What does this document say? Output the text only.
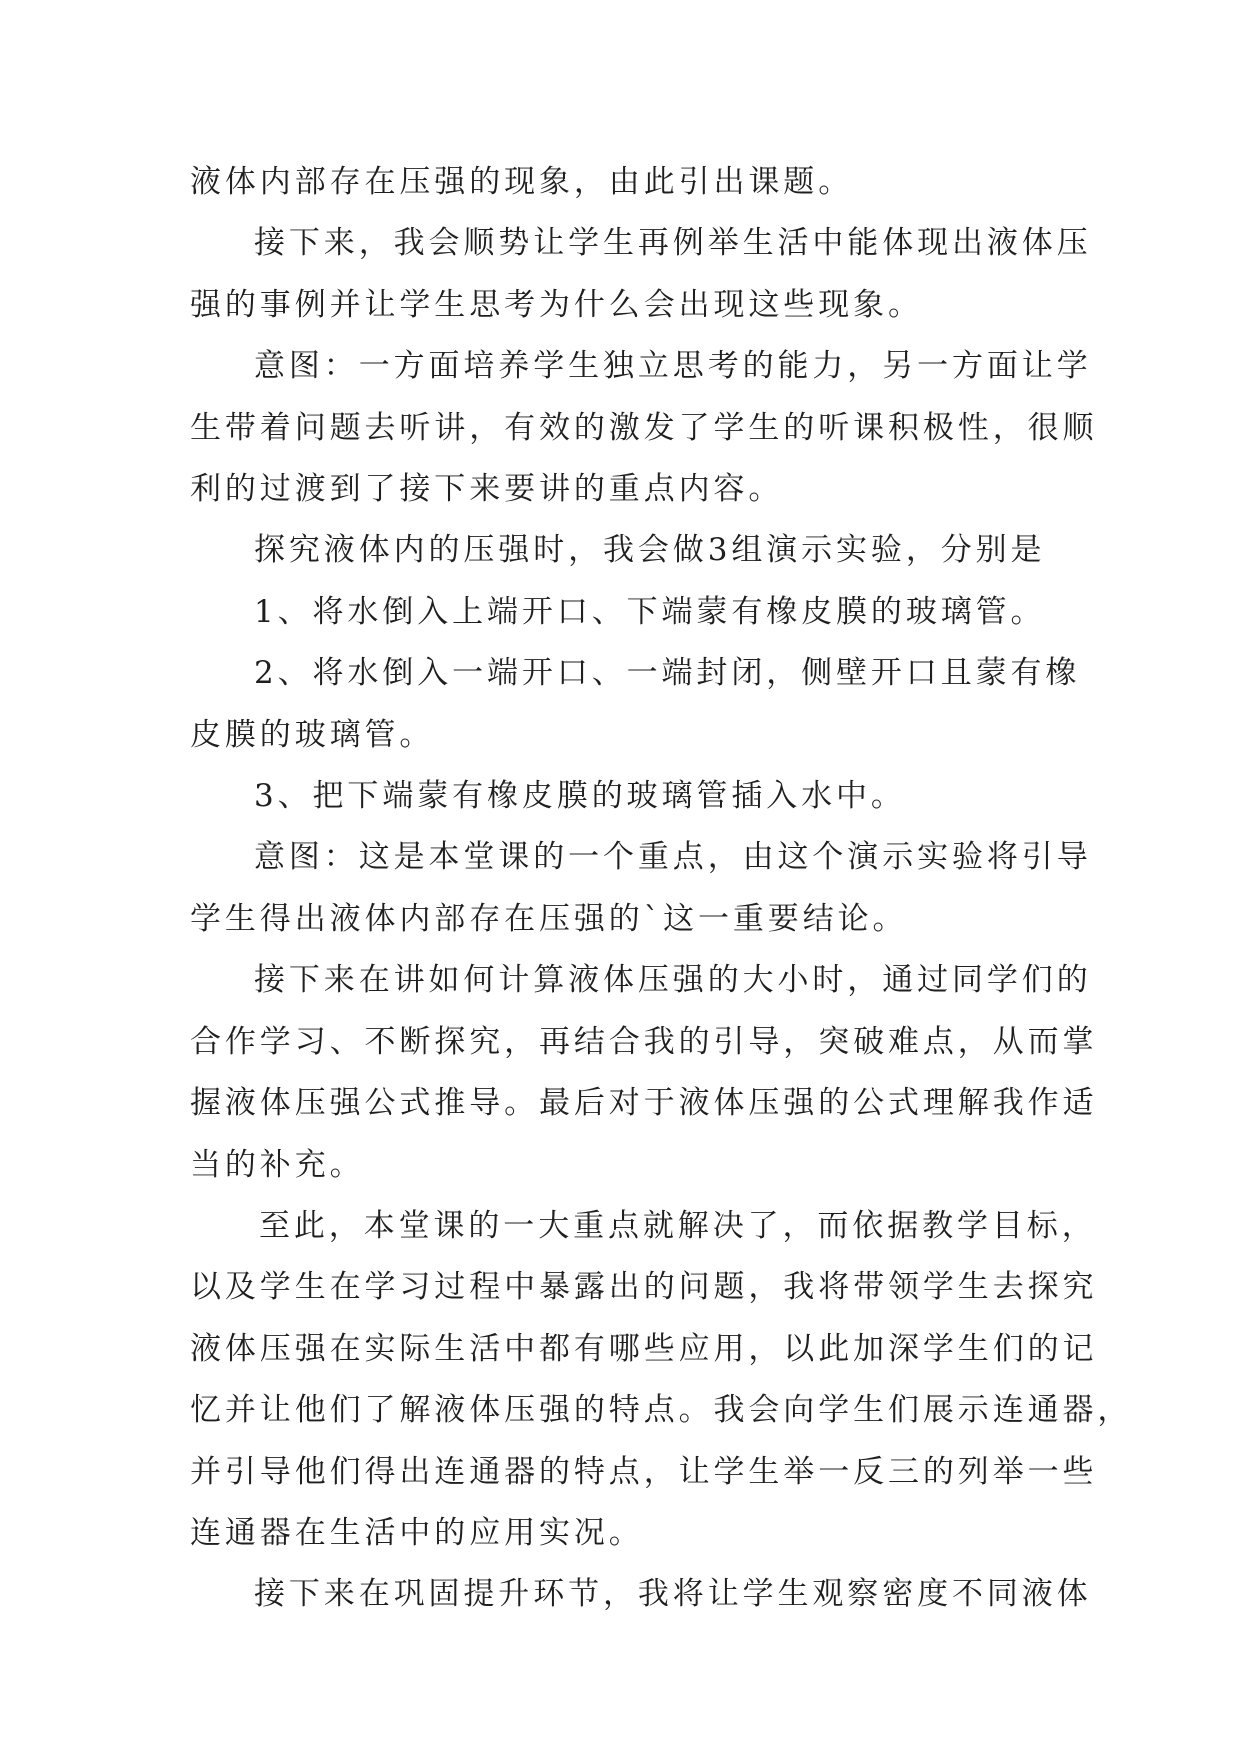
液体内部存在压强的现象，由此引出课题。
接下来，我会顺势让学生再例举生活中能体现出液体压
强的事例并让学生思考为什么会出现这些现象。
意图：一方面培养学生独立思考的能力，另一方面让学
生带着问题去听讲，有效的激发了学生的听课积极性，很顺
利的过渡到了接下来要讲的重点内容。
探究液体内的压强时，我会做3组演示实验，分别是
1、将水倒入上端开口、下端蒙有橡皮膜的玻璃管。
2、将水倒入一端开口、一端封闭，侧壁开口且蒙有橡
皮膜的玻璃管。
3、把下端蒙有橡皮膜的玻璃管插入水中。
意图：这是本堂课的一个重点，由这个演示实验将引导
学生得出液体内部存在压强的`这一重要结论。
接下来在讲如何计算液体压强的大小时，通过同学们的
合作学习、不断探究，再结合我的引导，突破难点，从而掌
握液体压强公式推导。最后对于液体压强的公式理解我作适
当的补充。
至此，本堂课的一大重点就解决了，而依据教学目标，
以及学生在学习过程中暴露出的问题，我将带领学生去探究
液体压强在实际生活中都有哪些应用，以此加深学生们的记
忆并让他们了解液体压强的特点。我会向学生们展示连通器，
并引导他们得出连通器的特点，让学生举一反三的列举一些
连通器在生活中的应用实况。
接下来在巩固提升环节，我将让学生观察密度不同液体
